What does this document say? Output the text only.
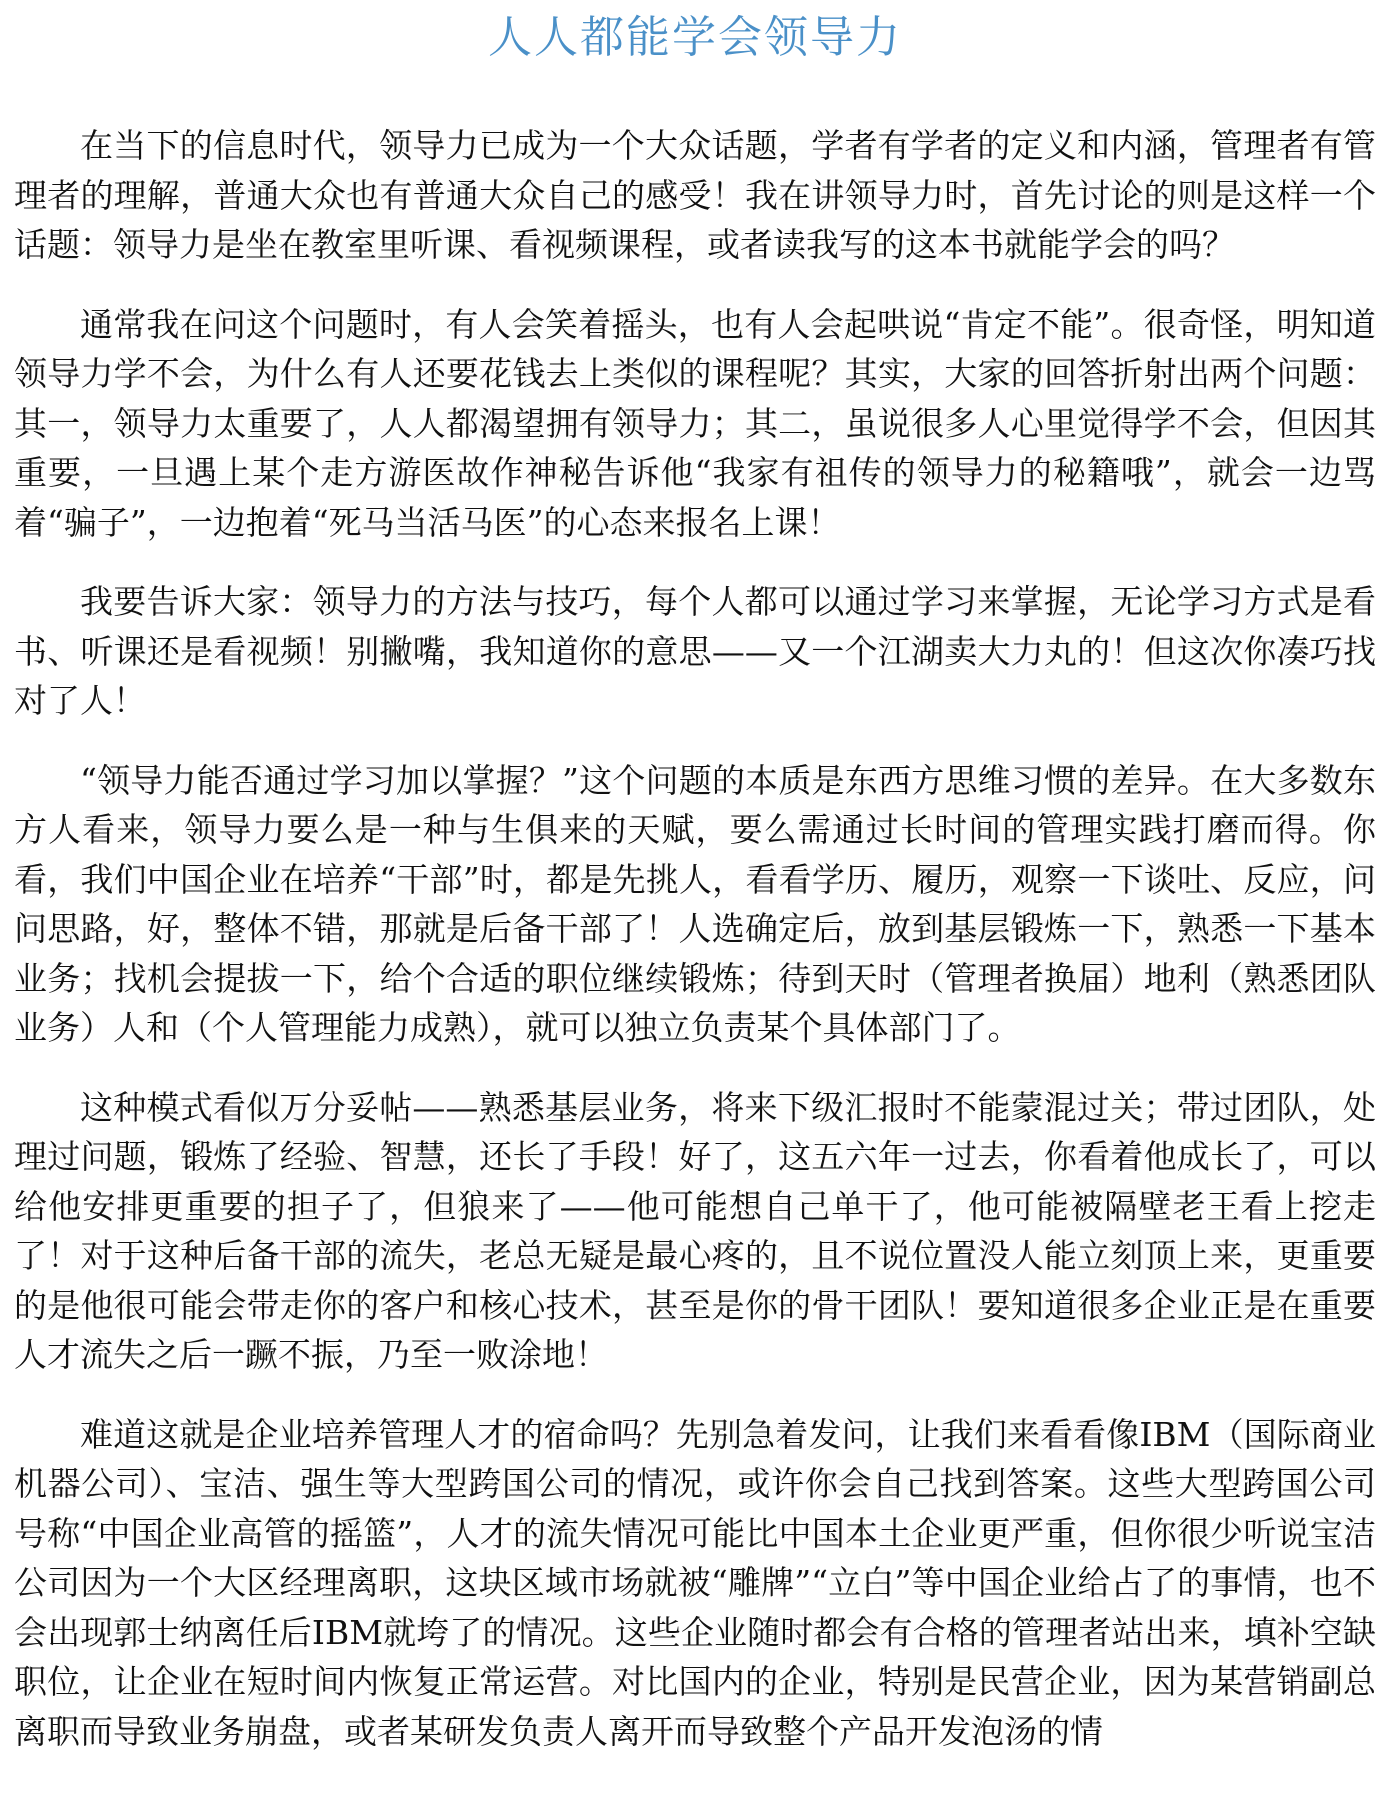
人人都能学会领导力

在当下的信息时代，领导力已成为一个大众话题，学者有学者的定义和内涵，管理者有管理者的理解，普通大众也有普通大众自己的感受！我在讲领导力时，首先讨论的则是这样一个话题：领导力是坐在教室里听课、看视频课程，或者读我写的这本书就能学会的吗？

通常我在问这个问题时，有人会笑着摇头，也有人会起哄说“肯定不能”。很奇怪，明知道领导力学不会，为什么有人还要花钱去上类似的课程呢？其实，大家的回答折射出两个问题：其一，领导力太重要了，人人都渴望拥有领导力；其二，虽说很多人心里觉得学不会，但因其重要，一旦遇上某个走方游医故作神秘告诉他“我家有祖传的领导力的秘籍哦”，就会一边骂着“骗子”，一边抱着“死马当活马医”的心态来报名上课！

我要告诉大家：领导力的方法与技巧，每个人都可以通过学习来掌握，无论学习方式是看书、听课还是看视频！别撇嘴，我知道你的意思——又一个江湖卖大力丸的！但这次你凑巧找对了人！

“领导力能否通过学习加以掌握？”这个问题的本质是东西方思维习惯的差异。在大多数东方人看来，领导力要么是一种与生俱来的天赋，要么需通过长时间的管理实践打磨而得。你看，我们中国企业在培养“干部”时，都是先挑人，看看学历、履历，观察一下谈吐、反应，问问思路，好，整体不错，那就是后备干部了！人选确定后，放到基层锻炼一下，熟悉一下基本业务；找机会提拔一下，给个合适的职位继续锻炼；待到天时（管理者换届）地利（熟悉团队业务）人和（个人管理能力成熟），就可以独立负责某个具体部门了。

这种模式看似万分妥帖——熟悉基层业务，将来下级汇报时不能蒙混过关；带过团队，处理过问题，锻炼了经验、智慧，还长了手段！好了，这五六年一过去，你看着他成长了，可以给他安排更重要的担子了，但狼来了——他可能想自己单干了，他可能被隔壁老王看上挖走了！对于这种后备干部的流失，老总无疑是最心疼的，且不说位置没人能立刻顶上来，更重要的是他很可能会带走你的客户和核心技术，甚至是你的骨干团队！要知道很多企业正是在重要人才流失之后一蹶不振，乃至一败涂地！

难道这就是企业培养管理人才的宿命吗？先别急着发问，让我们来看看像IBM（国际商业机器公司）、宝洁、强生等大型跨国公司的情况，或许你会自己找到答案。这些大型跨国公司号称“中国企业高管的摇篮”，人才的流失情况可能比中国本土企业更严重，但你很少听说宝洁公司因为一个大区经理离职，这块区域市场就被“雕牌”“立白”等中国企业给占了的事情，也不会出现郭士纳离任后IBM就垮了的情况。这些企业随时都会有合格的管理者站出来，填补空缺职位，让企业在短时间内恢复正常运营。对比国内的企业，特别是民营企业，因为某营销副总离职而导致业务崩盘，或者某研发负责人离开而导致整个产品开发泡汤的情
